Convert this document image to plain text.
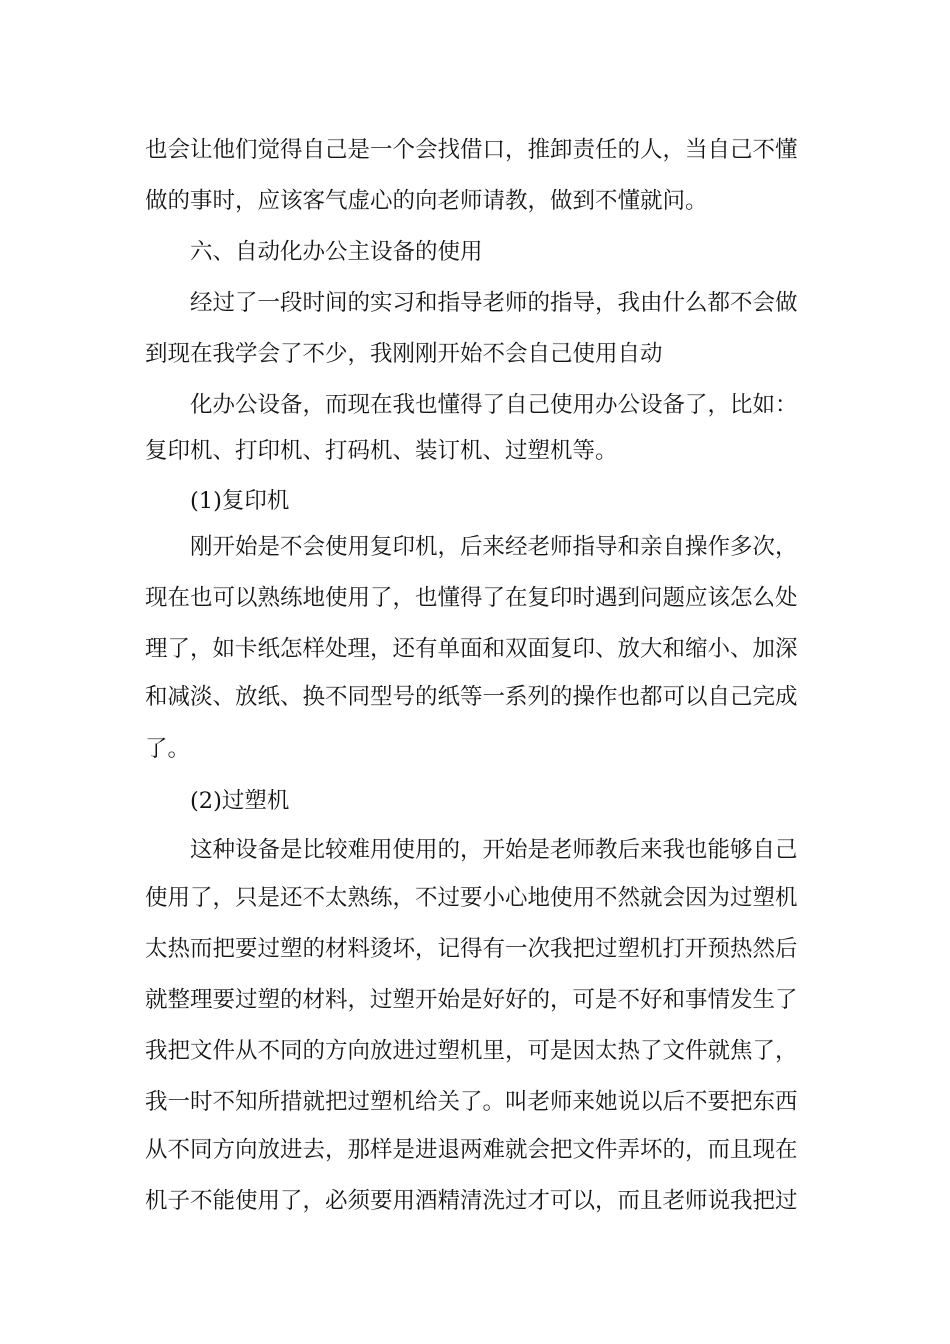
也会让他们觉得自己是一个会找借口，推卸责任的人，当自己不懂
做的事时，应该客气虚心的向老师请教，做到不懂就问。
六、自动化办公主设备的使用
经过了一段时间的实习和指导老师的指导，我由什么都不会做
到现在我学会了不少，我刚刚开始不会自己使用自动
化办公设备，而现在我也懂得了自己使用办公设备了，比如：
复印机、打印机、打码机、装订机、过塑机等。
(1)复印机
刚开始是不会使用复印机，后来经老师指导和亲自操作多次，
现在也可以熟练地使用了，也懂得了在复印时遇到问题应该怎么处
理了，如卡纸怎样处理，还有单面和双面复印、放大和缩小、加深
和减淡、放纸、换不同型号的纸等一系列的操作也都可以自己完成
了。
(2)过塑机
这种设备是比较难用使用的，开始是老师教后来我也能够自己
使用了，只是还不太熟练，不过要小心地使用不然就会因为过塑机
太热而把要过塑的材料烫坏，记得有一次我把过塑机打开预热然后
就整理要过塑的材料，过塑开始是好好的，可是不好和事情发生了
我把文件从不同的方向放进过塑机里，可是因太热了文件就焦了，
我一时不知所措就把过塑机给关了。叫老师来她说以后不要把东西
从不同方向放进去，那样是进退两难就会把文件弄坏的，而且现在
机子不能使用了，必须要用酒精清洗过才可以，而且老师说我把过
